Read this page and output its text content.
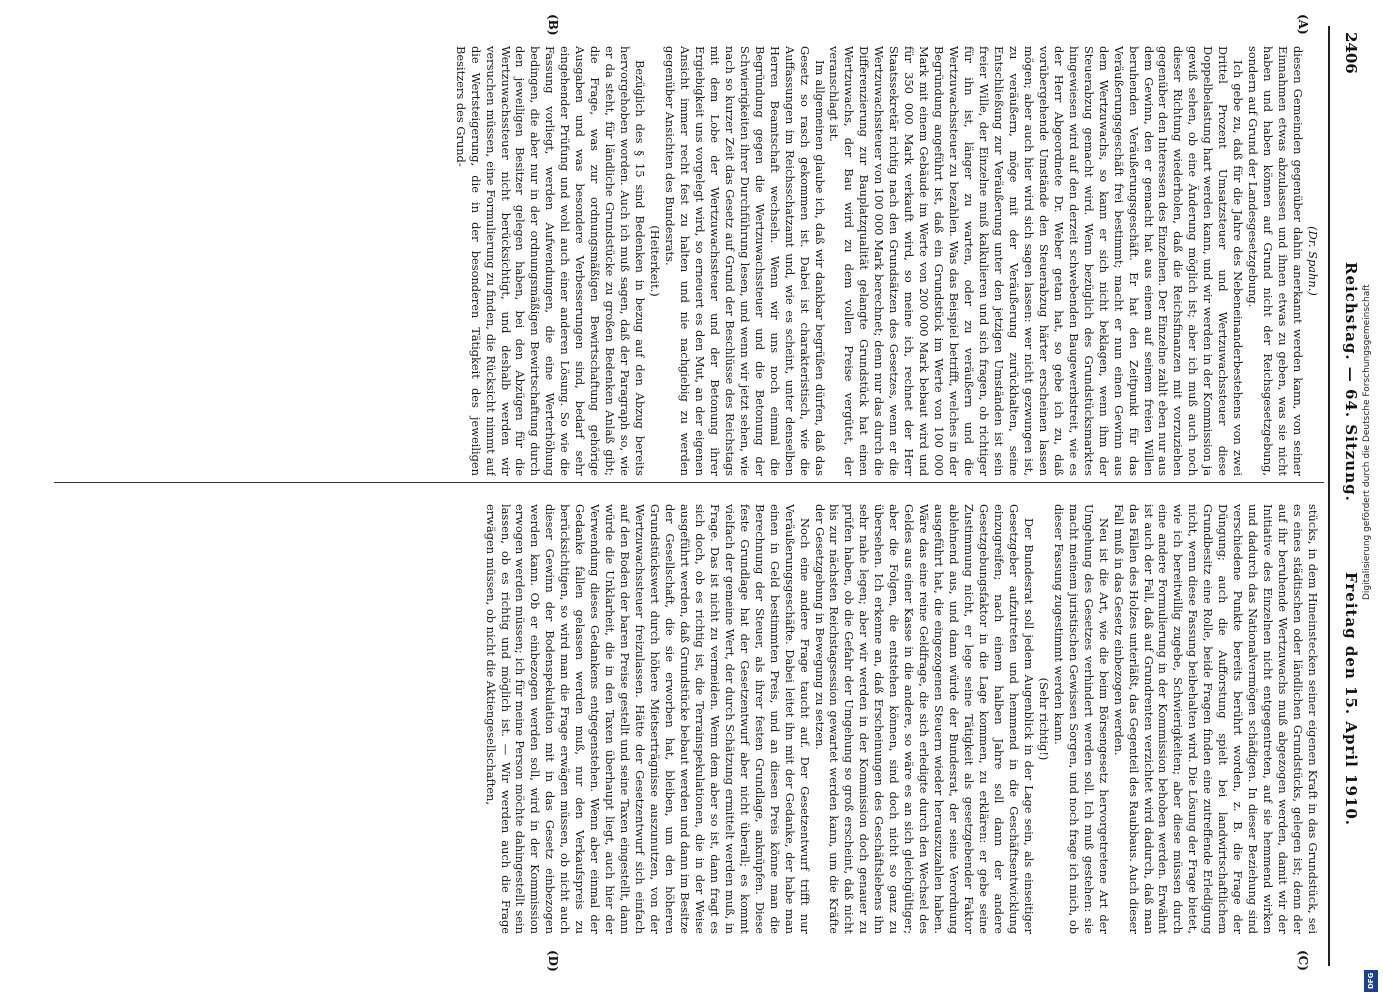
2406
Reichstag. — 64. Sitzung.
Freitag den 15. April 1910.
(A)
(B)
(C)
(D)

(Dr. Spahn.)

diesen Gemeinden gegenüber dahin anerkannt werden kann, von seiner Einnahmen etwas abzulassen und ihnen etwas zu geben, was sie nicht haben und haben können auf Grund nicht der Reichsgesetzgebung, sondern auf Grund der Landesgesetzgebung.

Ich gebe zu, daß für die Jahre des Nebeneinanderbestehens von zwei Drittel Prozent Umsatzsteuer und Wertzuwachssteuer diese Doppelbelastung hart werden kann, und wir werden in der Kommission ja gewiß sehen, ob eine Änderung möglich ist; aber ich muß auch noch dieser Richtung wiederholen, daß die Reichsfinanzen mit vorzuziehen gegenüber den Interessen des Einzelnen. Der Einzelne zahlt eben nur aus dem Gewinn, den er gemacht hat aus einem auf seinem freien Willen beruhenden Veräußerungsgeschäft. Er hat den Zeitpunkt für das Veräußerungsgeschäft frei bestimmt; macht er nun einen Gewinn aus dem Wertzuwachs, so kann er sich nicht beklagen, wenn ihm der Steuerabzug gemacht wird. Wenn bezüglich des Grundstücksmarktes hingewiesen wird auf den derzeit schwebenden Baugewerbstreit, wie es der Herr Abgeordnete Dr. Weber getan hat, so gebe ich zu, daß vorübergehende Umstände den Steuerabzug härter erscheinen lassen mögen; aber auch hier wird sich sagen lassen: wer nicht gezwungen ist, zu veräußern, möge mit der Veräußerung zurückhalten, seine Entschließung zur Veräußerung unter den jetzigen Umständen ist sein freier Wille, der Einzelne muß kalkulieren und sich fragen, ob richtiger für ihn ist, länger zu warten, oder zu veräußern und die Wertzuwachssteuer zu bezahlen. Was das Beispiel betrifft, welches in der Begründung angeführt ist, daß ein Grundstück im Werte von 100 000 Mark mit einem Gebäude im Werte von 200 000 Mark bebaut wird und für 350 000 Mark verkauft wird, so meine ich, rechnet der Herr Staatssekretär richtig nach den Grundsätzen des Gesetzes, wenn er die Wertzuwachssteuer von 100 000 Mark berechnet; denn nur das durch die Differenzierung zur Bauplatzqualität gelangte Grundstück hat einen Wertzuwachs, der Bau wird zu dem vollen Preise vergütet, der veranschlagt ist.

Im allgemeinen glaube ich, daß wir dankbar begrüßen dürfen, daß das Gesetz so rasch gekommen ist. Dabei ist charakteristisch, wie die Auffassungen im Reichsschatzamt und, wie es scheint, unter denselben Herren Beamtschaft wechseln. Wenn wir uns noch einmal die Begründung gegen die Wertzuwachssteuer und die Betonung der Schwierigkeiten ihrer Durchführung lesen, und wenn wir jetzt sehen, wie nach so kurzer Zeit das Gesetz auf Grund der Beschlüsse des Reichstags mit dem Lobe der Wertzuwachssteuer und der Betonung ihrer Ergiebigkeit uns vorgelegt wird, so erneuert es den Mut, an der eigenen Ansicht immer recht fest zu halten und nie nachgiebig zu werden gegenüber Ansichten des Bundesrats.

(Heiterkeit.)

Bezüglich des § 15 sind Bedenken in bezug auf den Abzug bereits hervorgehoben worden. Auch ich muß sagen, daß der Paragraph so, wie er da steht, für ländliche Grundstücke zu großen Bedenken Anlaß gibt; die Frage, was zur ordnungsmäßigen Bewirtschaftung gehörige Ausgaben und was besondere Verbesserungen sind, bedarf sehr eingehender Prüfung und wohl auch einer anderen Lösung. So wie die Fassung vorliegt, werden Aufwendungen, die eine Werterhöhung bedingen, die aber nur in der ordnungsmäßigen Bewirtschaftung durch den jeweiligen Besitzer gelegen haben, bei den Abzügen für die Wertzuwachssteuer nicht berücksichtigt, und deshalb werden wir versuchen müssen, eine Formulierung zu finden, die Rücksicht nimmt auf die Wertsteigerung, die in der besonderen Tätigkeit des jeweiligen Besitzers des Grund-

stücks, in dem Hineinstecken seiner eigenen Kraft in das Grundstück, sei es eines städtischen oder ländlichen Grundstücks, gelegen ist; denn der auf ihr beruhende Wertzuwachs muß abgezogen werden, damit wir der Initiative des Einzelnen nicht entgegentreten, auf sie hemmend wirken und dadurch das Nationalvermögen schädigen. In dieser Beziehung sind verschiedene Punkte bereits berührt worden, z. B. die Frage der Düngung; auch die Aufforstung spielt bei landwirtschaftlichem Grundbesitz eine Rolle, beide Fragen finden eine zutreffende Erledigung nicht, wenn diese Fassung beibehalten wird. Die Lösung der Frage bietet, wie ich bereitwillig zugebe, Schwierigkeiten; aber diese müssen durch eine andere Formulierung in der Kommission behoben werden. Erwähnt ist auch der Fall, daß auf Grundrenten verzichtet wird dadurch, daß man das Fällen des Holzes unterläßt, das Gegenteil des Raubbaus. Auch dieser Fall muß in das Gesetz einbezogen werden.

Neu ist die Art, wie die beim Börsengesetz hervorgetretene Art der Umgehung des Gesetzes verhindert werden soll. Ich muß gestehen: sie macht meinem juristischen Gewissen Sorgen, und noch frage ich mich, ob dieser Fassung zugestimmt werden kann.

(Sehr richtig!)

Der Bundesrat soll jedem Augenblick in der Lage sein, als einseitiger Gesetzgeber aufzutreten und hemmend in die Geschäftsentwicklung einzugreifen; nach einem halben Jahre soll dann der andere Gesetzgebungsfaktor in die Lage kommen, zu erklären: er gebe seine Zustimmung nicht, er lege seine Tätigkeit als gesetzgebender Faktor ablehnend aus, und dann würde der Bundesrat, der seine Verordnung ausgeführt hat, die eingezogenen Steuern wieder herauszuzahlen haben. Wäre das eine reine Geldfrage, die sich erledigte durch den Wechsel des Geldes aus einer Kasse in die andere, so wäre es an sich gleichgültiger; aber die Folgen, die entstehen können, sind doch nicht so ganz zu übersehen. Ich erkenne an, daß Erscheinungen des Geschäftslebens ihn sehr nahe legen; aber wir werden in der Kommission doch genauer zu prüfen haben, ob die Gefahr der Umgehung so groß erscheint, daß nicht bis zur nächsten Reichstagsession gewartet werden kann, um die Kräfte der Gesetzgebung in Bewegung zu setzen.

Noch eine andere Frage taucht auf. Der Gesetzentwurf trifft nur Veräußerungsgeschäfte. Dabei leitet ihn mit der Gedanke, der habe man einen in Geld bestimmten Preis, und an diesen Preis könne man die Berechnung der Steuer, als ihrer festen Grundlage, anknüpfen. Diese feste Grundlage hat der Gesetzentwurf aber nicht überall; es kommt vielfach der gemeine Wert, der durch Schätzung ermittelt werden muß, in Frage. Das ist nicht zu vermeiden. Wenn dem aber so ist, dann fragt es sich doch, ob es richtig ist, die Terrainspekulationen, die in der Weise ausgeführt werden, daß Grundstücke bebaut werden und dann im Besitze der Gesellschaft, die sie erworben hat, bleiben, um den höheren Grundstückswert durch höhere Mietserträgnisse auszunutzen, von der Wertzuwachssteuer freizulassen. Hätte der Gesetzentwurf sich einfach auf den Boden der baren Preise gestellt und seine Taxen eingestellt, dann würde die Unklarheit, die in den Taxen überhaupt liegt, auch hier der Verwendung dieses Gedankens entgegenstehen. Wenn aber einmal der Gedanke fallen gelassen werden muß, nur den Verkaufspreis zu berücksichtigen, so wird man die Frage erwägen müssen, ob nicht auch dieser Gewinn der Bodenspekulation mit in das Gesetz einbezogen werden kann. Ob er einbezogen werden soll, wird in der Kommission erwogen werden müssen; ich für meine Person möchte dahingestellt sein lassen, ob es richtig und möglich ist. — Wir werden auch die Frage erwägen müssen, ob nicht die Aktiengesellschaften,

Digitalisierung gefördert durch die Deutsche Forschungsgemeinschaft
DFG
